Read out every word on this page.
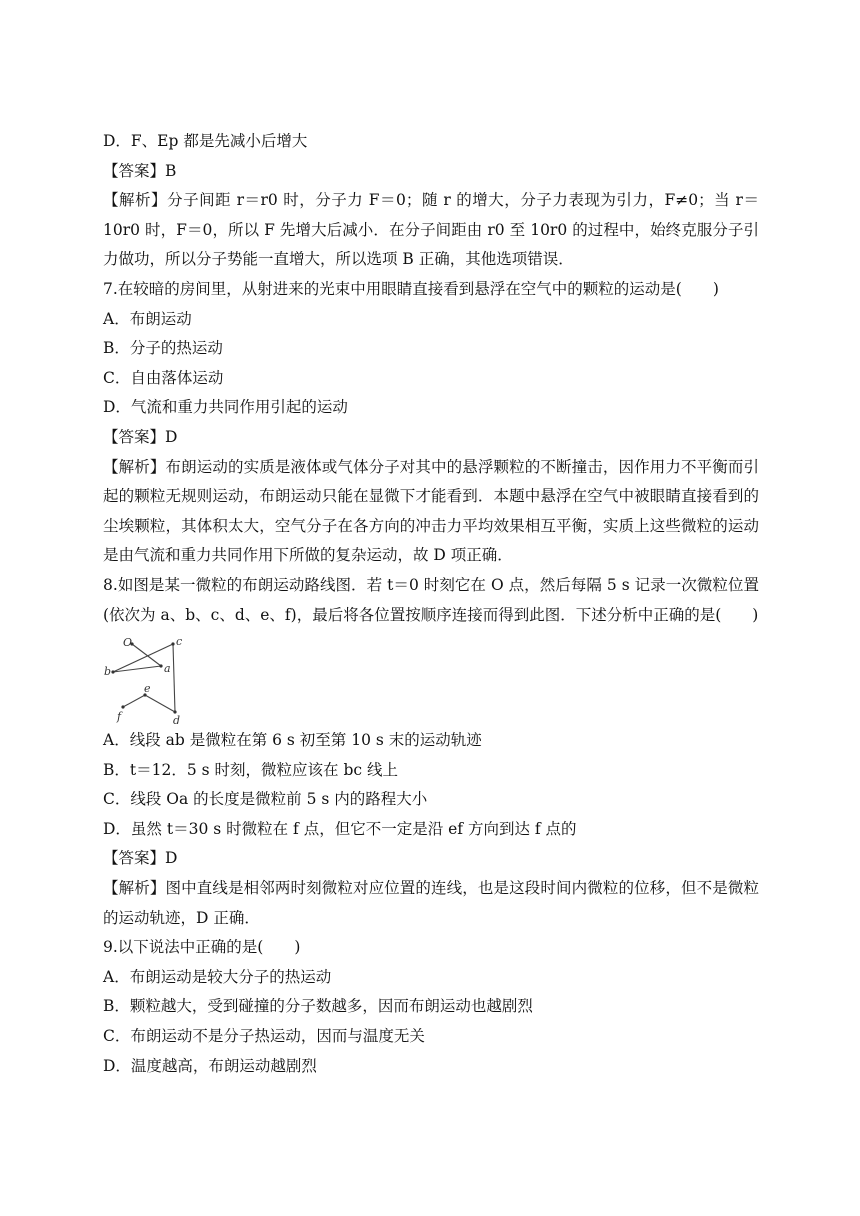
D．F、Ep 都是先减小后增大

【答案】B

【解析】分子间距 r＝r0 时，分子力 F＝0；随 r 的增大，分子力表现为引力，F≠0；当 r＝10r0 时，F＝0，所以 F 先增大后减小．在分子间距由 r0 至 10r0 的过程中，始终克服分子引力做功，所以分子势能一直增大，所以选项 B 正确，其他选项错误．

7.在较暗的房间里，从射进来的光束中用眼睛直接看到悬浮在空气中的颗粒的运动是(　　)

A．布朗运动

B．分子的热运动

C．自由落体运动

D．气流和重力共同作用引起的运动

【答案】D

【解析】布朗运动的实质是液体或气体分子对其中的悬浮颗粒的不断撞击，因作用力不平衡而引起的颗粒无规则运动，布朗运动只能在显微下才能看到．本题中悬浮在空气中被眼睛直接看到的尘埃颗粒，其体积太大，空气分子在各方向的冲击力平均效果相互平衡，实质上这些微粒的运动是由气流和重力共同作用下所做的复杂运动，故 D 项正确．

8.如图是某一微粒的布朗运动路线图．若 t＝0 时刻它在 O 点，然后每隔 5 s 记录一次微粒位置(依次为 a、b、c、d、e、f)，最后将各位置按顺序连接而得到此图．下述分析中正确的是(　　)

O
a
b
c
d
e
f

A．线段 ab 是微粒在第 6 s 初至第 10 s 末的运动轨迹

B．t＝12．5 s 时刻，微粒应该在 bc 线上

C．线段 Oa 的长度是微粒前 5 s 内的路程大小

D．虽然 t＝30 s 时微粒在 f 点，但它不一定是沿 ef 方向到达 f 点的

【答案】D

【解析】图中直线是相邻两时刻微粒对应位置的连线，也是这段时间内微粒的位移，但不是微粒的运动轨迹，D 正确．

9.以下说法中正确的是(　　)

A．布朗运动是较大分子的热运动

B．颗粒越大，受到碰撞的分子数越多，因而布朗运动也越剧烈

C．布朗运动不是分子热运动，因而与温度无关

D．温度越高，布朗运动越剧烈
